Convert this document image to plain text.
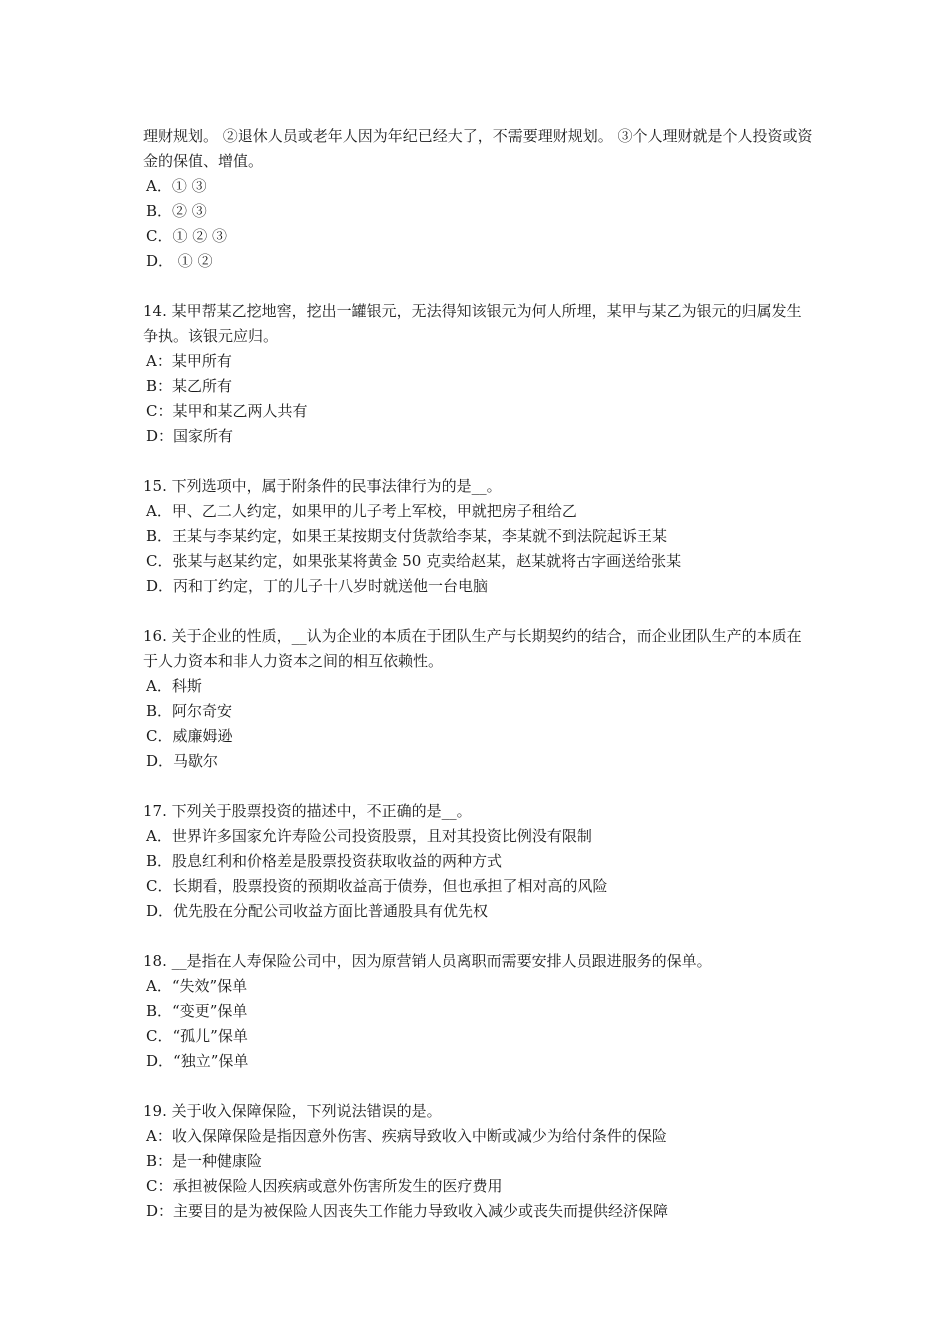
理财规划。 ②退休人员或老年人因为年纪已经大了，不需要理财规划。 ③个人理财就是个人投资或资金的保值、增值。

A．① ③

B．② ③

C．① ② ③

D． ① ②

14. 某甲帮某乙挖地窖，挖出一罐银元，无法得知该银元为何人所埋，某甲与某乙为银元的归属发生争执。该银元应归。

A：某甲所有

B：某乙所有

C：某甲和某乙两人共有

D：国家所有

15. 下列选项中，属于附条件的民事法律行为的是__。

A．甲、乙二人约定，如果甲的儿子考上军校，甲就把房子租给乙

B．王某与李某约定，如果王某按期支付货款给李某，李某就不到法院起诉王某

C．张某与赵某约定，如果张某将黄金 50 克卖给赵某，赵某就将古字画送给张某

D．丙和丁约定，丁的儿子十八岁时就送他一台电脑

16. 关于企业的性质，__认为企业的本质在于团队生产与长期契约的结合，而企业团队生产的本质在于人力资本和非人力资本之间的相互依赖性。

A．科斯

B．阿尔奇安

C．威廉姆逊

D．马歇尔

17. 下列关于股票投资的描述中，不正确的是__。

A．世界许多国家允许寿险公司投资股票，且对其投资比例没有限制

B．股息红利和价格差是股票投资获取收益的两种方式

C．长期看，股票投资的预期收益高于债券，但也承担了相对高的风险

D．优先股在分配公司收益方面比普通股具有优先权

18. __是指在人寿保险公司中，因为原营销人员离职而需要安排人员跟进服务的保单。

A．“失效”保单

B．“变更”保单

C．“孤儿”保单

D．“独立”保单

19. 关于收入保障保险，下列说法错误的是。

A：收入保障保险是指因意外伤害、疾病导致收入中断或减少为给付条件的保险

B：是一种健康险

C：承担被保险人因疾病或意外伤害所发生的医疗费用

D：主要目的是为被保险人因丧失工作能力导致收入减少或丧失而提供经济保障
